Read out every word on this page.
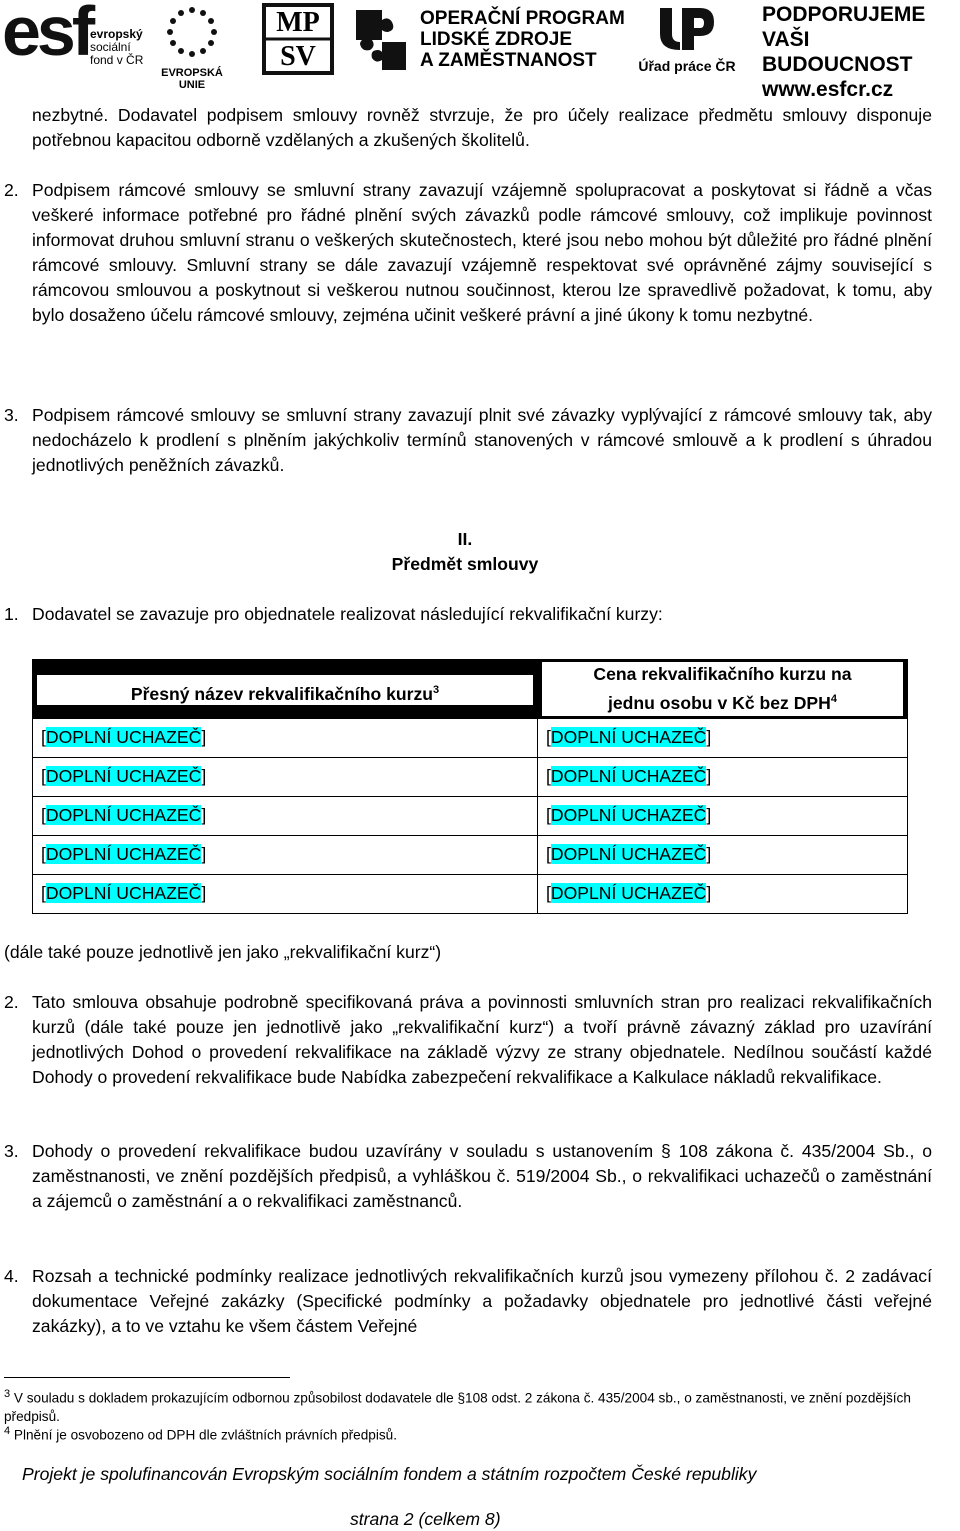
esf
evropský
sociální
fond v ČR
EVROPSKÁ UNIE
MP
SV
OPERAČNÍ PROGRAM
LIDSKÉ ZDROJE
A ZAMĚSTNANOST	Úřad práce ČR
PODPORUJEME
VAŠI BUDOUCNOST
www.esfcr.cz

nezbytné. Dodavatel podpisem smlouvy rovněž stvrzuje, že pro účely realizace předmětu smlouvy disponuje potřebnou kapacitou odborně vzdělaných a zkušených školitelů.

2. Podpisem rámcové smlouvy se smluvní strany zavazují vzájemně spolupracovat a poskytovat si řádně a včas veškeré informace potřebné pro řádné plnění svých závazků podle rámcové smlouvy, což implikuje povinnost informovat druhou smluvní stranu o veškerých skutečnostech, které jsou nebo mohou být důležité pro řádné plnění rámcové smlouvy. Smluvní strany se dále zavazují vzájemně respektovat své oprávněné zájmy související s rámcovou smlouvou a poskytnout si veškerou nutnou součinnost, kterou lze spravedlivě požadovat, k tomu, aby bylo dosaženo účelu rámcové smlouvy, zejména učinit veškeré právní a jiné úkony k tomu nezbytné.

3. Podpisem rámcové smlouvy se smluvní strany zavazují plnit své závazky vyplývající z rámcové smlouvy tak, aby nedocházelo k prodlení s plněním jakýchkoliv termínů stanovených v rámcové smlouvě a k prodlení s úhradou jednotlivých peněžních závazků.

II.
Předmět smlouvy
1. Dodavatel se zavazuje pro objednatele realizovat následující rekvalifikační kurzy:

Přesný název rekvalifikačního kurzu$^3$	Cena rekvalifikačního kurzu na
jednu osobu v Kč bez DPH$^4$

[DOPLNÍ UCHAZEČ]	[DOPLNÍ UCHAZEČ]
[DOPLNÍ UCHAZEČ]	[DOPLNÍ UCHAZEČ]
[DOPLNÍ UCHAZEČ]	[DOPLNÍ UCHAZEČ]
[DOPLNÍ UCHAZEČ]	[DOPLNÍ UCHAZEČ]
[DOPLNÍ UCHAZEČ]	[DOPLNÍ UCHAZEČ]

(dále také pouze jednotlivě jen jako „rekvalifikační kurz“)

2. Tato smlouva obsahuje podrobně specifikovaná práva a povinnosti smluvních stran pro realizaci rekvalifikačních kurzů (dále také pouze jen jednotlivě jako „rekvalifikační kurz“) a tvoří právně závazný základ pro uzavírání jednotlivých Dohod o provedení rekvalifikace na základě výzvy ze strany objednatele. Nedílnou součástí každé Dohody o provedení rekvalifikace bude Nabídka zabezpečení rekvalifikace a Kalkulace nákladů rekvalifikace.

3. Dohody o provedení rekvalifikace budou uzavírány v souladu s ustanovením § 108 zákona č. 435/2004 Sb., o zaměstnanosti, ve znění pozdějších předpisů, a vyhláškou č. 519/2004 Sb., o rekvalifikaci uchazečů o zaměstnání a zájemců o zaměstnání a o rekvalifikaci zaměstnanců.

4. Rozsah a technické podmínky realizace jednotlivých rekvalifikačních kurzů jsou vymezeny přílohou č. 2 zadávací dokumentace Veřejné zakázky (Specifické podmínky a požadavky objednatele pro jednotlivé části veřejné zakázky), a to ve vztahu ke všem částem Veřejné

$^3$ V souladu s dokladem prokazujícím odbornou způsobilost dodavatele dle §108 odst. 2 zákona č. 435/2004 sb., o zaměstnanosti, ve znění pozdějších předpisů.
$^4$ Plnění je osvobozeno od DPH dle zvláštních právních předpisů.
Projekt je spolufinancován Evropským sociálním fondem a státním rozpočtem České republiky
strana 2 (celkem 8)
